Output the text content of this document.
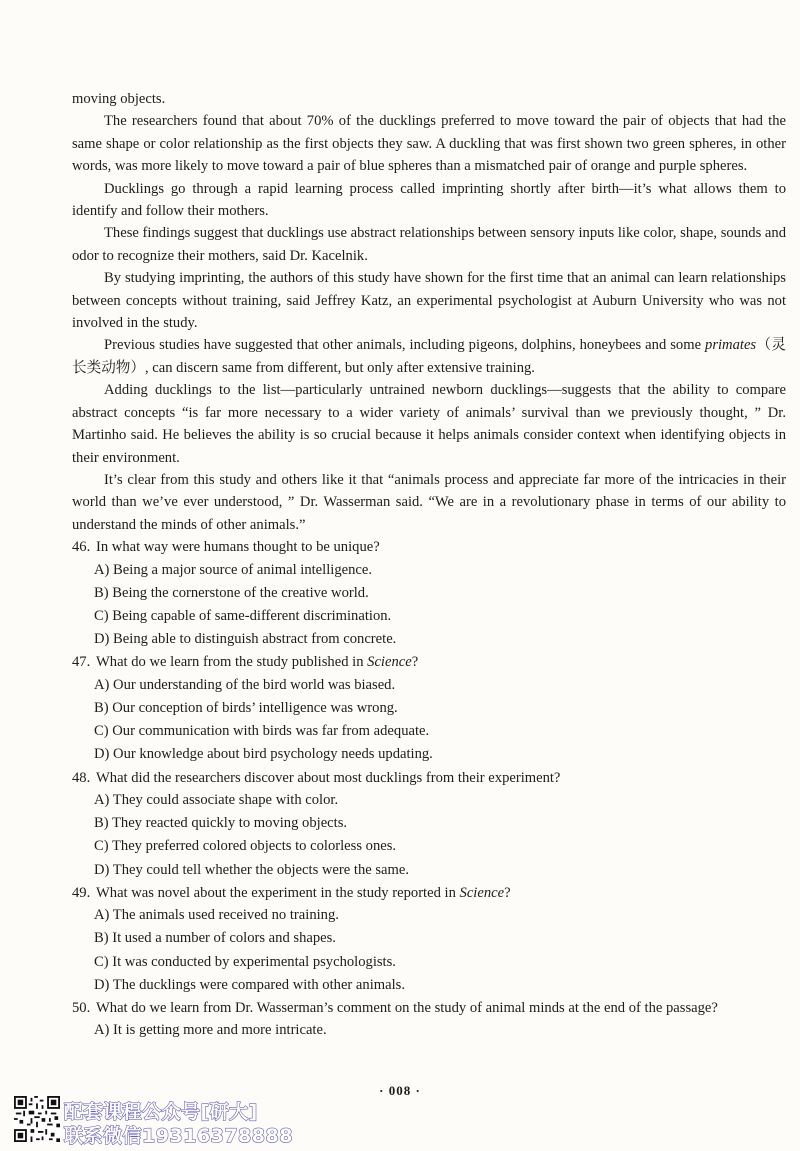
moving objects.

The researchers found that about 70% of the ducklings preferred to move toward the pair of objects that had the same shape or color relationship as the first objects they saw. A duckling that was first shown two green spheres, in other words, was more likely to move toward a pair of blue spheres than a mismatched pair of orange and purple spheres.

Ducklings go through a rapid learning process called imprinting shortly after birth—it’s what allows them to identify and follow their mothers.

These findings suggest that ducklings use abstract relationships between sensory inputs like color, shape, sounds and odor to recognize their mothers, said Dr. Kacelnik.

By studying imprinting, the authors of this study have shown for the first time that an animal can learn relationships between concepts without training, said Jeffrey Katz, an experimental psychologist at Auburn University who was not involved in the study.

Previous studies have suggested that other animals, including pigeons, dolphins, honeybees and some primates（灵长类动物）, can discern same from different, but only after extensive training.

Adding ducklings to the list—particularly untrained newborn ducklings—suggests that the ability to compare abstract concepts “is far more necessary to a wider variety of animals’ survival than we previously thought, ” Dr. Martinho said. He believes the ability is so crucial because it helps animals consider context when identifying objects in their environment.

It’s clear from this study and others like it that “animals process and appreciate far more of the intricacies in their world than we’ve ever understood, ” Dr. Wasserman said. “We are in a revolutionary phase in terms of our ability to understand the minds of other animals.”

46. In what way were humans thought to be unique?
A) Being a major source of animal intelligence.
B) Being the cornerstone of the creative world.
C) Being capable of same-different discrimination.
D) Being able to distinguish abstract from concrete.
47. What do we learn from the study published in Science?
A) Our understanding of the bird world was biased.
B) Our conception of birds’ intelligence was wrong.
C) Our communication with birds was far from adequate.
D) Our knowledge about bird psychology needs updating.
48. What did the researchers discover about most ducklings from their experiment?
A) They could associate shape with color.
B) They reacted quickly to moving objects.
C) They preferred colored objects to colorless ones.
D) They could tell whether the objects were the same.
49. What was novel about the experiment in the study reported in Science?
A) The animals used received no training.
B) It used a number of colors and shapes.
C) It was conducted by experimental psychologists.
D) The ducklings were compared with other animals.
50. What do we learn from Dr. Wasserman’s comment on the study of animal minds at the end of the passage?
A) It is getting more and more intricate.
· 008 ·
配套课程公众号[研大]
联系微信19316378888
